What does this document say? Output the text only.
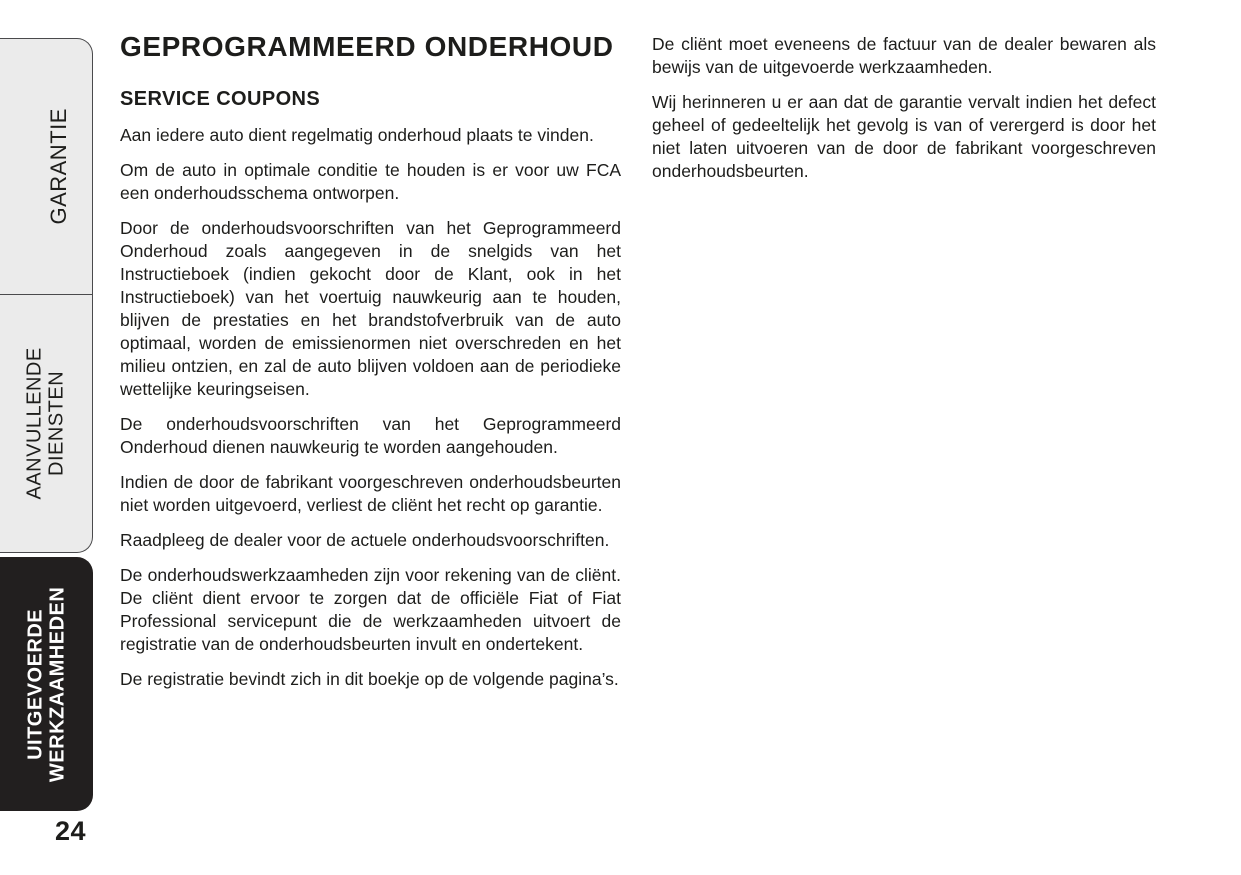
GARANTIE
AANVULLENDE DIENSTEN
UITGEVOERDE WERKZAAMHEDEN
24
GEPROGRAMMEERD ONDERHOUD
SERVICE COUPONS

Aan iedere auto dient regelmatig onderhoud plaats te vinden.

Om de auto in optimale conditie te houden is er voor uw FCA een onderhoudsschema ontworpen.

Door de onderhoudsvoorschriften van het Geprogrammeerd Onderhoud zoals aangegeven in de snelgids van het Instructieboek (indien gekocht door de Klant, ook in het Instructieboek) van het voertuig nauwkeurig aan te houden, blijven de prestaties en het brandstofverbruik van de auto optimaal, worden de emissienormen niet overschreden en het milieu ontzien, en zal de auto blijven voldoen aan de periodieke wettelijke keuringseisen.

De onderhoudsvoorschriften van het Geprogrammeerd Onderhoud dienen nauwkeurig te worden aangehouden.

Indien de door de fabrikant voorgeschreven onderhoudsbeurten niet worden uitgevoerd, verliest de cliënt het recht op garantie.

Raadpleeg de dealer voor de actuele onderhoudsvoorschriften.

De onderhoudswerkzaamheden zijn voor rekening van de cliënt. De cliënt dient ervoor te zorgen dat de officiële Fiat of Fiat Professional servicepunt die de werkzaamheden uitvoert de registratie van de onderhoudsbeurten invult en ondertekent.

De registratie bevindt zich in dit boekje op de volgende pagina’s.

De cliënt moet eveneens de factuur van de dealer bewaren als bewijs van de uitgevoerde werkzaamheden.

Wij herinneren u er aan dat de garantie vervalt indien het defect geheel of gedeeltelijk het gevolg is van of verergerd is door het niet laten uitvoeren van de door de fabrikant voorgeschreven onderhoudsbeurten.
